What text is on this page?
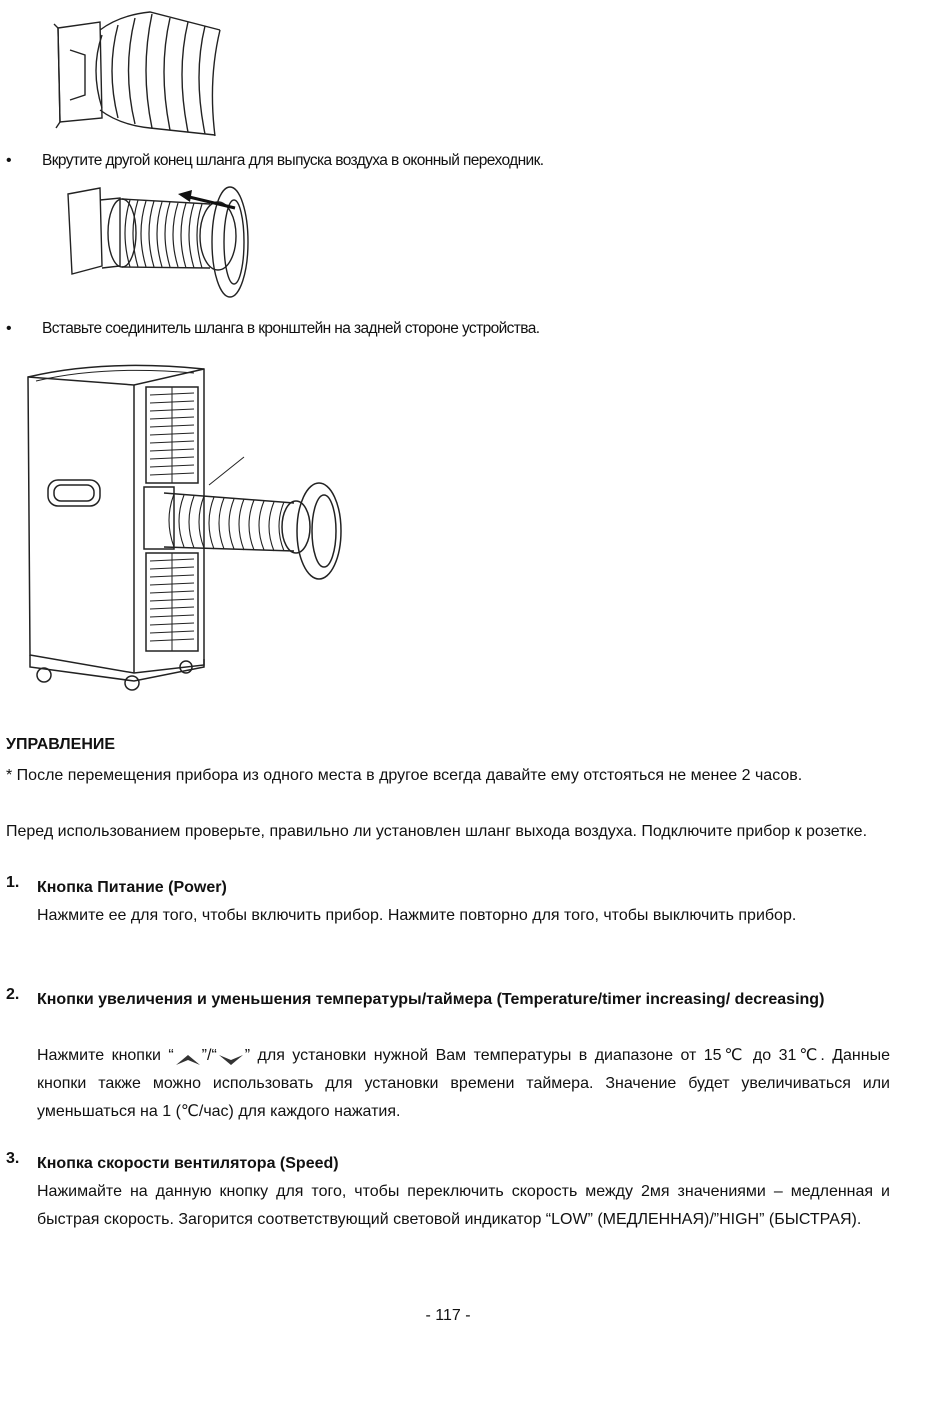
• Вкрутите другой конец шланга для выпуска воздуха в оконный переходник.
• Вставьте соединитель шланга в кронштейн на задней стороне устройства.
УПРАВЛЕНИЕ
* После перемещения прибора из одного места в другое всегда давайте ему отстояться не менее 2 часов.
Перед использованием проверьте, правильно ли установлен шланг выхода воздуха. Подключите прибор к розетке.
1. Кнопка Питание (Power)
Нажмите ее для того, чтобы включить прибор. Нажмите повторно для того, чтобы выключить прибор.
2. Кнопки увеличения и уменьшения температуры/таймера (Temperature/timer increasing/ decreasing)
Нажмите кнопки “ ”/“ ” для установки нужной Вам температуры в диапазоне от 15℃ до 31℃. Данные кнопки также можно использовать для установки времени таймера. Значение будет увеличиваться или уменьшаться на 1 (℃/час) для каждого нажатия.
3. Кнопка скорости вентилятора (Speed)
Нажимайте на данную кнопку для того, чтобы переключить скорость между 2мя значениями – медленная и быстрая скорость. Загорится соответствующий световой индикатор “LOW” (МЕДЛЕННАЯ)/”HIGH” (БЫСТРАЯ).
- 117 -
